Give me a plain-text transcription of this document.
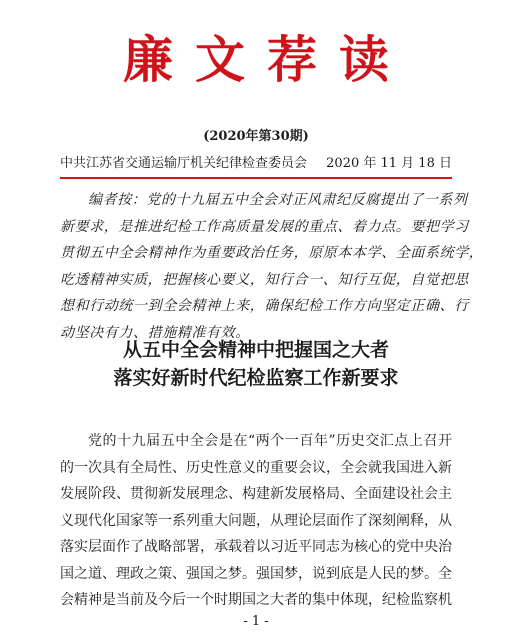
廉文荐读
(2020年第30期)
中共江苏省交通运输厅机关纪律检查委员会 2020 年 11 月 18 日
编者按：党的十九届五中全会对正风肃纪反腐提出了一系列
新要求，是推进纪检工作高质量发展的重点、着力点。要把学习
贯彻五中全会精神作为重要政治任务，原原本本学、全面系统学，
吃透精神实质，把握核心要义，知行合一、知行互促，自觉把思
想和行动统一到全会精神上来，确保纪检工作方向坚定正确、行
动坚决有力、措施精准有效。
从五中全会精神中把握国之大者
落实好新时代纪检监察工作新要求
党的十九届五中全会是在“两个一百年”历史交汇点上召开
的一次具有全局性、历史性意义的重要会议，全会就我国进入新
发展阶段、贯彻新发展理念、构建新发展格局、全面建设社会主
义现代化国家等一系列重大问题，从理论层面作了深刻阐释，从
落实层面作了战略部署，承载着以习近平同志为核心的党中央治
国之道、理政之策、强国之梦。强国梦，说到底是人民的梦。全
会精神是当前及今后一个时期国之大者的集中体现，纪检监察机
- 1 -
